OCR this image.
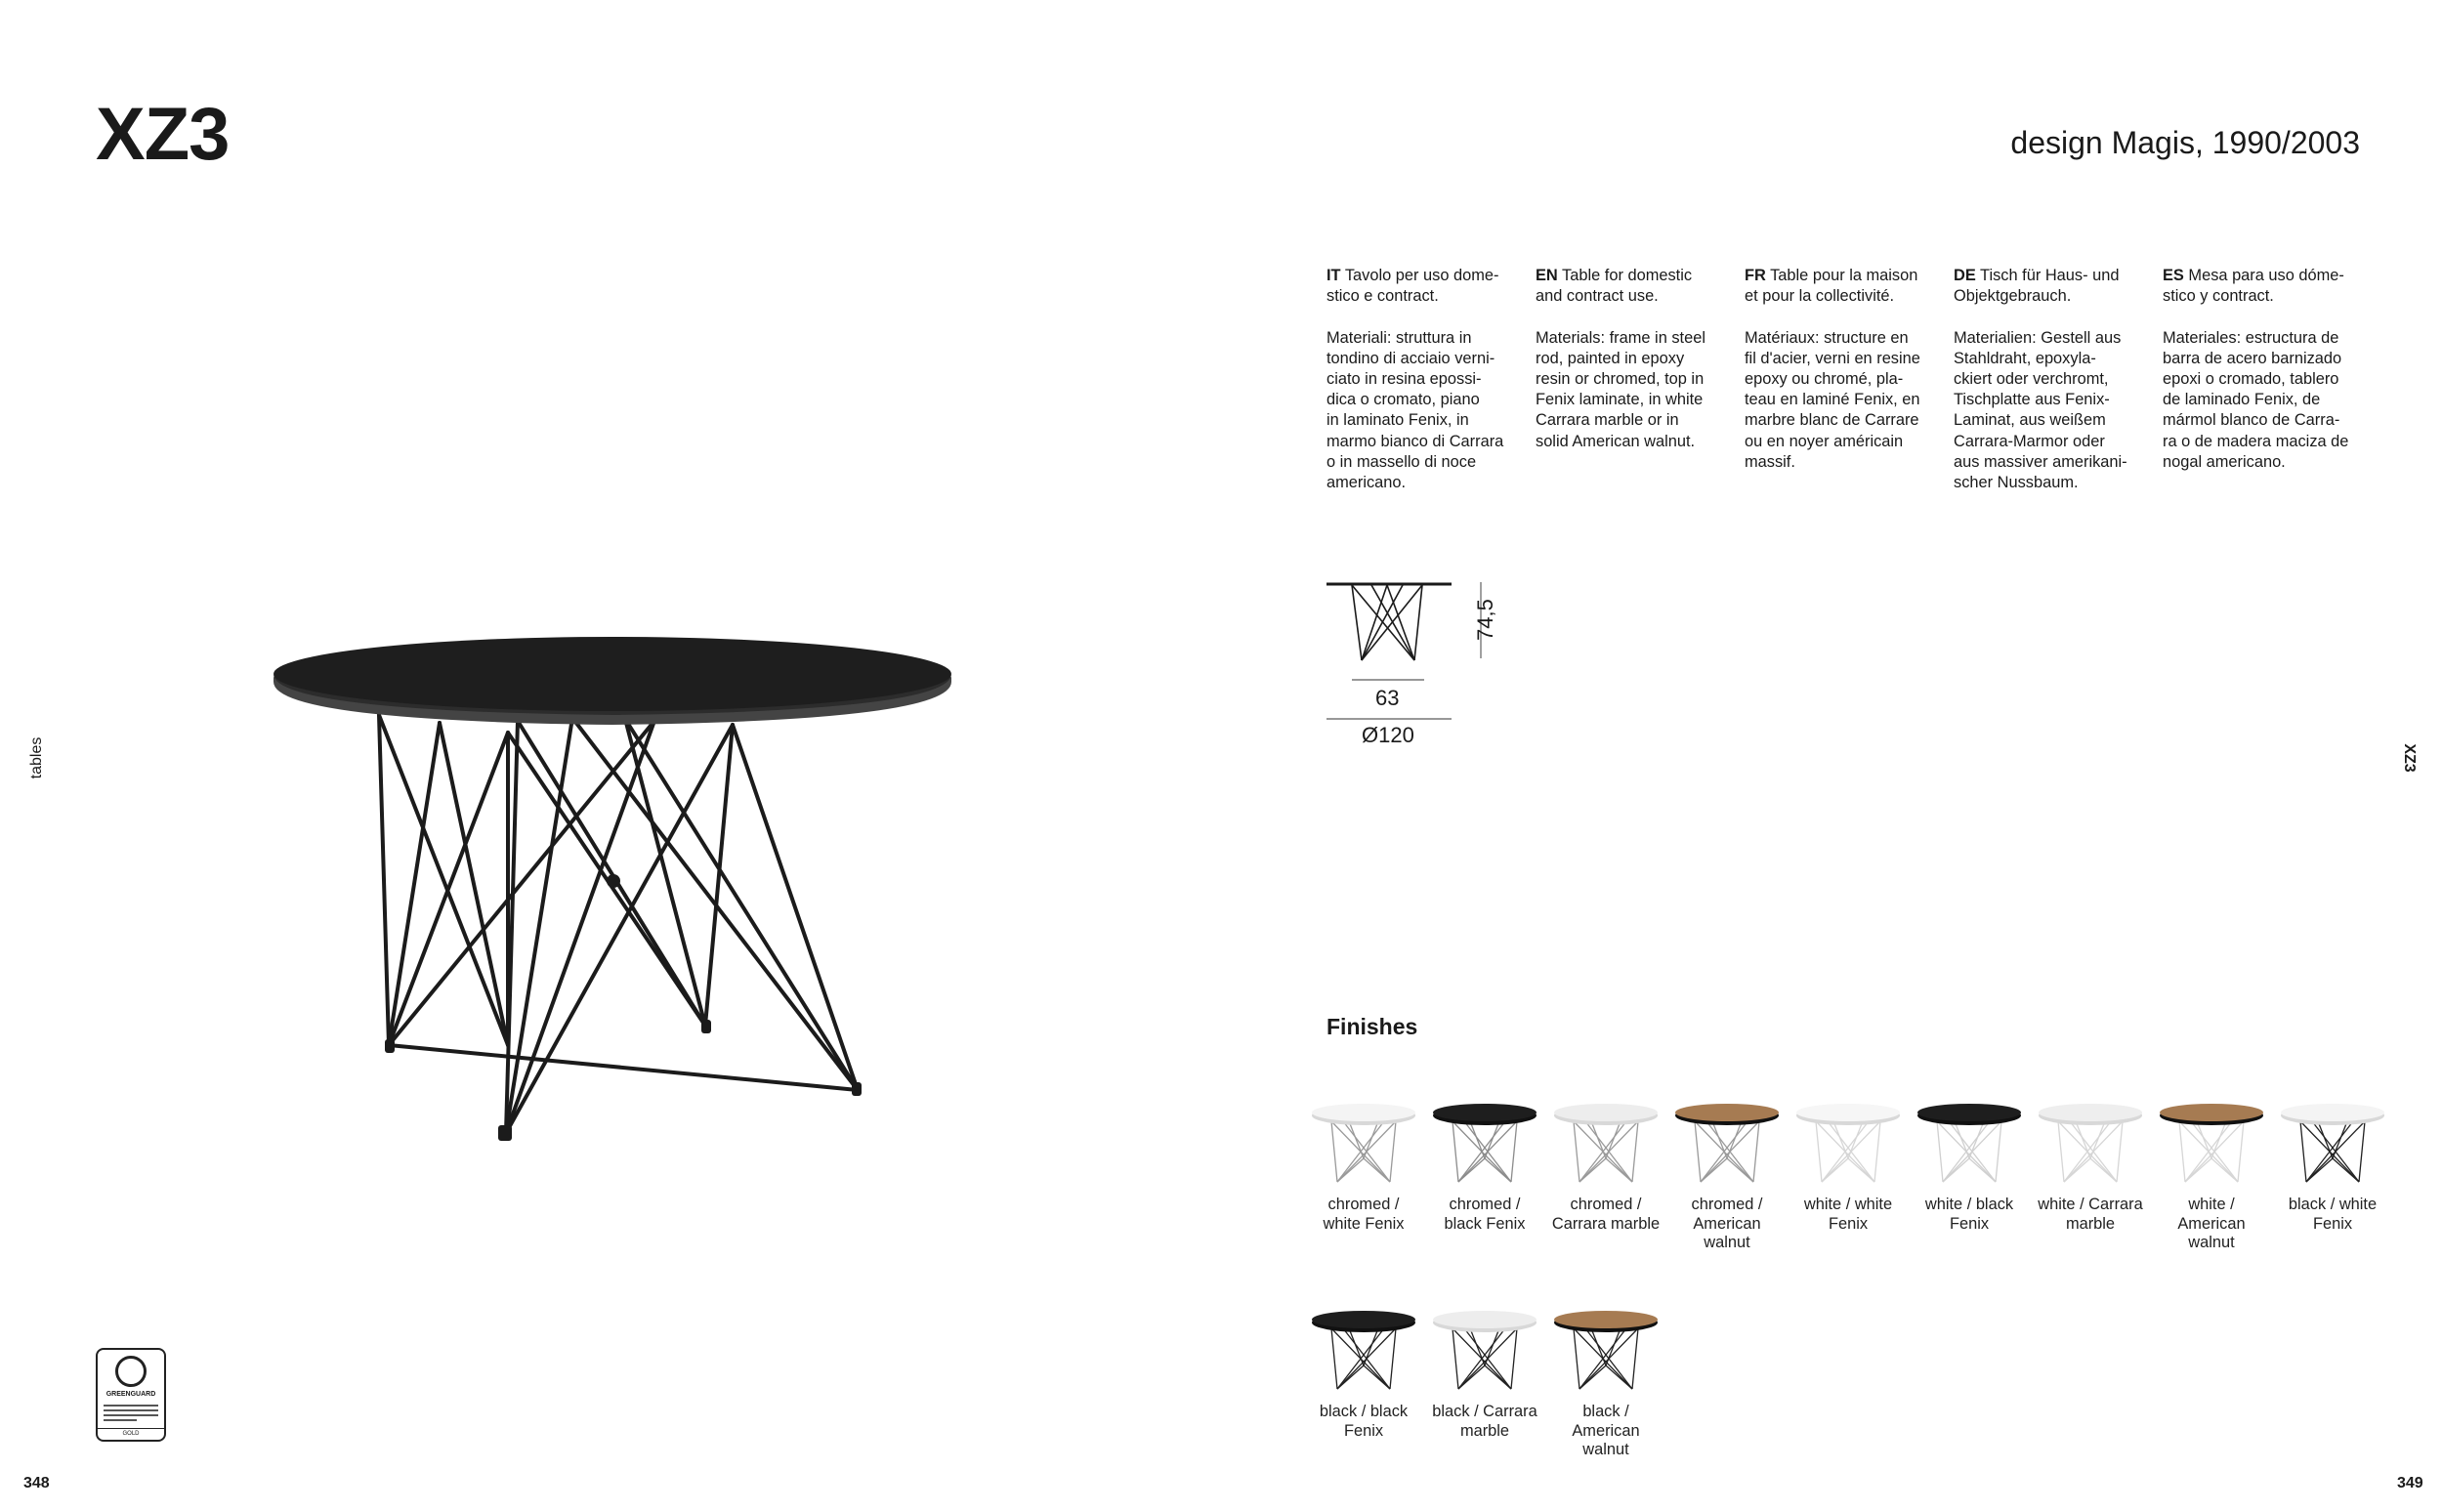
XZ3	design Magis, 1990/2003
tables	XZ3
348	349

IT Tavolo per uso dome-
stico e contract.

Materiali: struttura in
tondino di acciaio verni-
ciato in resina epossi-
dica o cromato, piano
in laminato Fenix, in
marmo bianco di Carrara
o in massello di noce
americano.

EN Table for domestic
and contract use.

Materials: frame in steel
rod, painted in epoxy
resin or chromed, top in
Fenix laminate, in white
Carrara marble or in
solid American walnut.

FR Table pour la maison
et pour la collectivité.

Matériaux: structure en
fil d'acier, verni en resine
epoxy ou chromé, pla-
teau en laminé Fenix, en
marbre blanc de Carrare
ou en noyer américain
massif.

DE Tisch für Haus- und
Objektgebrauch.

Materialien: Gestell aus
Stahldraht, epoxyla-
ckiert oder verchromt,
Tischplatte aus Fenix-
Laminat, aus weißem
Carrara-Marmor oder
aus massiver amerikani-
scher Nussbaum.

ES Mesa para uso dóme-
stico y contract.

Materiales: estructura de
barra de acero barnizado
epoxi o cromado, tablero
de laminado Fenix, de
mármol blanco de Carra-
ra o de madera maciza de
nogal americano.

74,5
63
Ø120
Finishes
chromed /
white Fenix
chromed /
black Fenix
chromed /
Carrara marble
chromed /
American
walnut
white / white
Fenix
white / black
Fenix
white / Carrara
marble
white /
American
walnut
black / white
Fenix
black / black
Fenix
black / Carrara
marble
black /
American
walnut
GREENGUARD
GOLD
